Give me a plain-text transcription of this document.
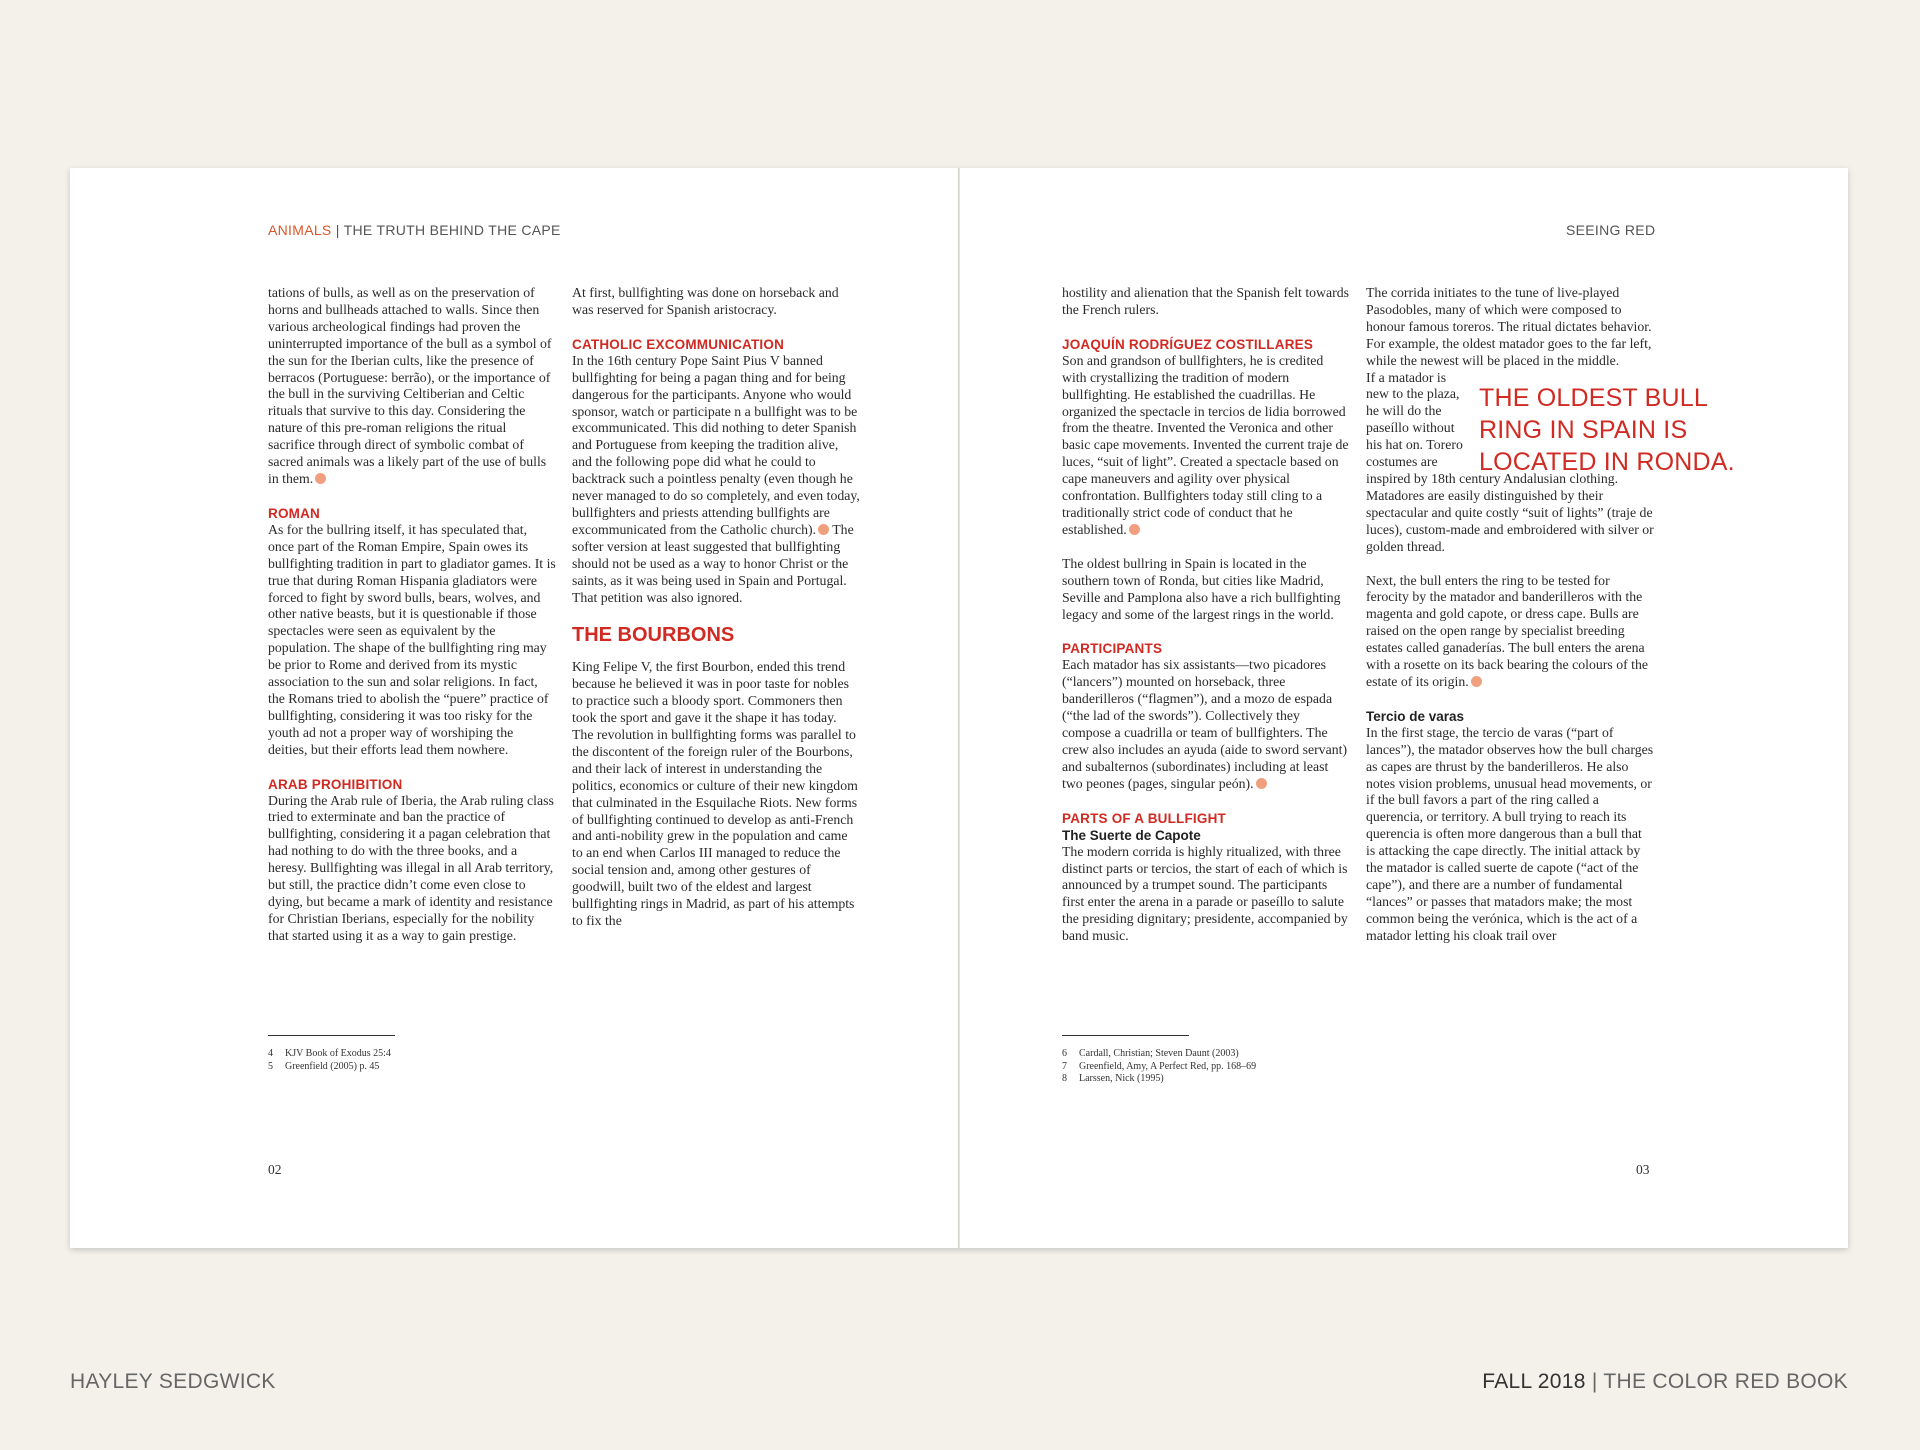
ANIMALS | THE TRUTH BEHIND THE CAPE

tations of bulls, as well as on the preservation of horns and bullheads attached to walls. Since then various archeological findings had proven the uninterrupted importance of the bull as a symbol of the sun for the Iberian cults, like the presence of berracos (Portuguese: berrão), or the importance of the bull in the surviving Celtiberian and Celtic rituals that survive to this day. Considering the nature of this pre-roman religions the ritual sacrifice through direct of symbolic combat of sacred animals was a likely part of the use of bulls in them.

ROMAN

As for the bullring itself, it has speculated that, once part of the Roman Empire, Spain owes its bullfighting tradition in part to gladiator games. It is true that during Roman Hispania gladiators were forced to fight by sword bulls, bears, wolves, and other native beasts, but it is questionable if those spectacles were seen as equivalent by the population. The shape of the bullfighting ring may be prior to Rome and derived from its mystic association to the sun and solar religions. In fact, the Romans tried to abolish the “puere” practice of bullfighting, considering it was too risky for the youth ad not a proper way of worshiping the deities, but their efforts lead them nowhere.

ARAB PROHIBITION

During the Arab rule of Iberia, the Arab ruling class tried to exterminate and ban the practice of bullfighting, considering it a pagan celebration that had nothing to do with the three books, and a heresy. Bullfighting was illegal in all Arab territory, but still, the practice didn’t come even close to dying, but became a mark of identity and resistance for Christian Iberians, especially for the nobility that started using it as a way to gain prestige.

At first, bullfighting was done on horseback and was reserved for Spanish aristocracy.

CATHOLIC EXCOMMUNICATION

In the 16th century Pope Saint Pius V banned bullfighting for being a pagan thing and for being dangerous for the participants. Anyone who would sponsor, watch or participate n a bullfight was to be excommunicated. This did nothing to deter Spanish and Portuguese from keeping the tradition alive, and the following pope did what he could to backtrack such a pointless penalty (even though he never managed to do so completely, and even today, bullfighters and priests attending bullfights are excommunicated from the Catholic church). The softer version at least suggested that bullfighting should not be used as a way to honor Christ or the saints, as it was being used in Spain and Portugal. That petition was also ignored.

THE BOURBONS

King Felipe V, the first Bourbon, ended this trend because he believed it was in poor taste for nobles to practice such a bloody sport. Commoners then took the sport and gave it the shape it has today. The revolution in bullfighting forms was parallel to the discontent of the foreign ruler of the Bourbons, and their lack of interest in understanding the politics, economics or culture of their new kingdom that culminated in the Esquilache Riots. New forms of bullfighting continued to develop as anti-French and anti-nobility grew in the population and came to an end when Carlos III managed to reduce the social tension and, among other gestures of goodwill, built two of the eldest and largest bullfighting rings in Madrid, as part of his attempts to fix the

4 KJV Book of Exodus 25:4
5 Greenfield (2005) p. 45
02
SEEING RED

hostility and alienation that the Spanish felt towards the French rulers.

JOAQUÍN RODRÍGUEZ COSTILLARES

Son and grandson of bullfighters, he is credited with crystallizing the tradition of modern bullfighting. He established the cuadrillas. He organized the spectacle in tercios de lidia borrowed from the theatre. Invented the Veronica and other basic cape movements. Invented the current traje de luces, “suit of light”. Created a spectacle based on cape maneuvers and agility over physical confrontation. Bullfighters today still cling to a traditionally strict code of conduct that he established.

The oldest bullring in Spain is located in the southern town of Ronda, but cities like Madrid, Seville and Pamplona also have a rich bullfighting legacy and some of the largest rings in the world.

PARTICIPANTS

Each matador has six assistants—two picadores (“lancers”) mounted on horseback, three banderilleros (“flagmen”), and a mozo de espada (“the lad of the swords”). Collectively they compose a cuadrilla or team of bullfighters. The crew also includes an ayuda (aide to sword servant) and subalternos (subordinates) including at least two peones (pages, singular peón).

PARTS OF A BULLFIGHT
The Suerte de Capote

The modern corrida is highly ritualized, with three distinct parts or tercios, the start of each of which is announced by a trumpet sound. The participants first enter the arena in a parade or paseíllo to salute the presiding dignitary; presidente, accompanied by band music.

The corrida initiates to the tune of live-played Pasodobles, many of which were composed to honour famous toreros. The ritual dictates behavior. For example, the oldest matador goes to the far left, while the newest will be placed in the middle.

If a matador is new to the plaza, he will do the paseíllo without his hat on. Torero costumes are

inspired by 18th century Andalusian clothing. Matadores are easily distinguished by their spectacular and quite costly “suit of lights” (traje de luces), custom-made and embroidered with silver or golden thread.

Next, the bull enters the ring to be tested for ferocity by the matador and banderilleros with the magenta and gold capote, or dress cape. Bulls are raised on the open range by specialist breeding estates called ganaderías. The bull enters the arena with a rosette on its back bearing the colours of the estate of its origin.

Tercio de varas

In the first stage, the tercio de varas (“part of lances”), the matador observes how the bull charges as capes are thrust by the banderilleros. He also notes vision problems, unusual head movements, or if the bull favors a part of the ring called a querencia, or territory. A bull trying to reach its querencia is often more dangerous than a bull that is attacking the cape directly. The initial attack by the matador is called suerte de capote (“act of the cape”), and there are a number of fundamental “lances” or passes that matadors make; the most common being the verónica, which is the act of a matador letting his cloak trail over

THE OLDEST BULL RING IN SPAIN IS LOCATED IN RONDA.
6 Cardall, Christian; Steven Daunt (2003)
7 Greenfield, Amy, A Perfect Red, pp. 168–69
8 Larssen, Nick (1995)
03
HAYLEY SEDGWICK	FALL 2018 | THE COLOR RED BOOK
